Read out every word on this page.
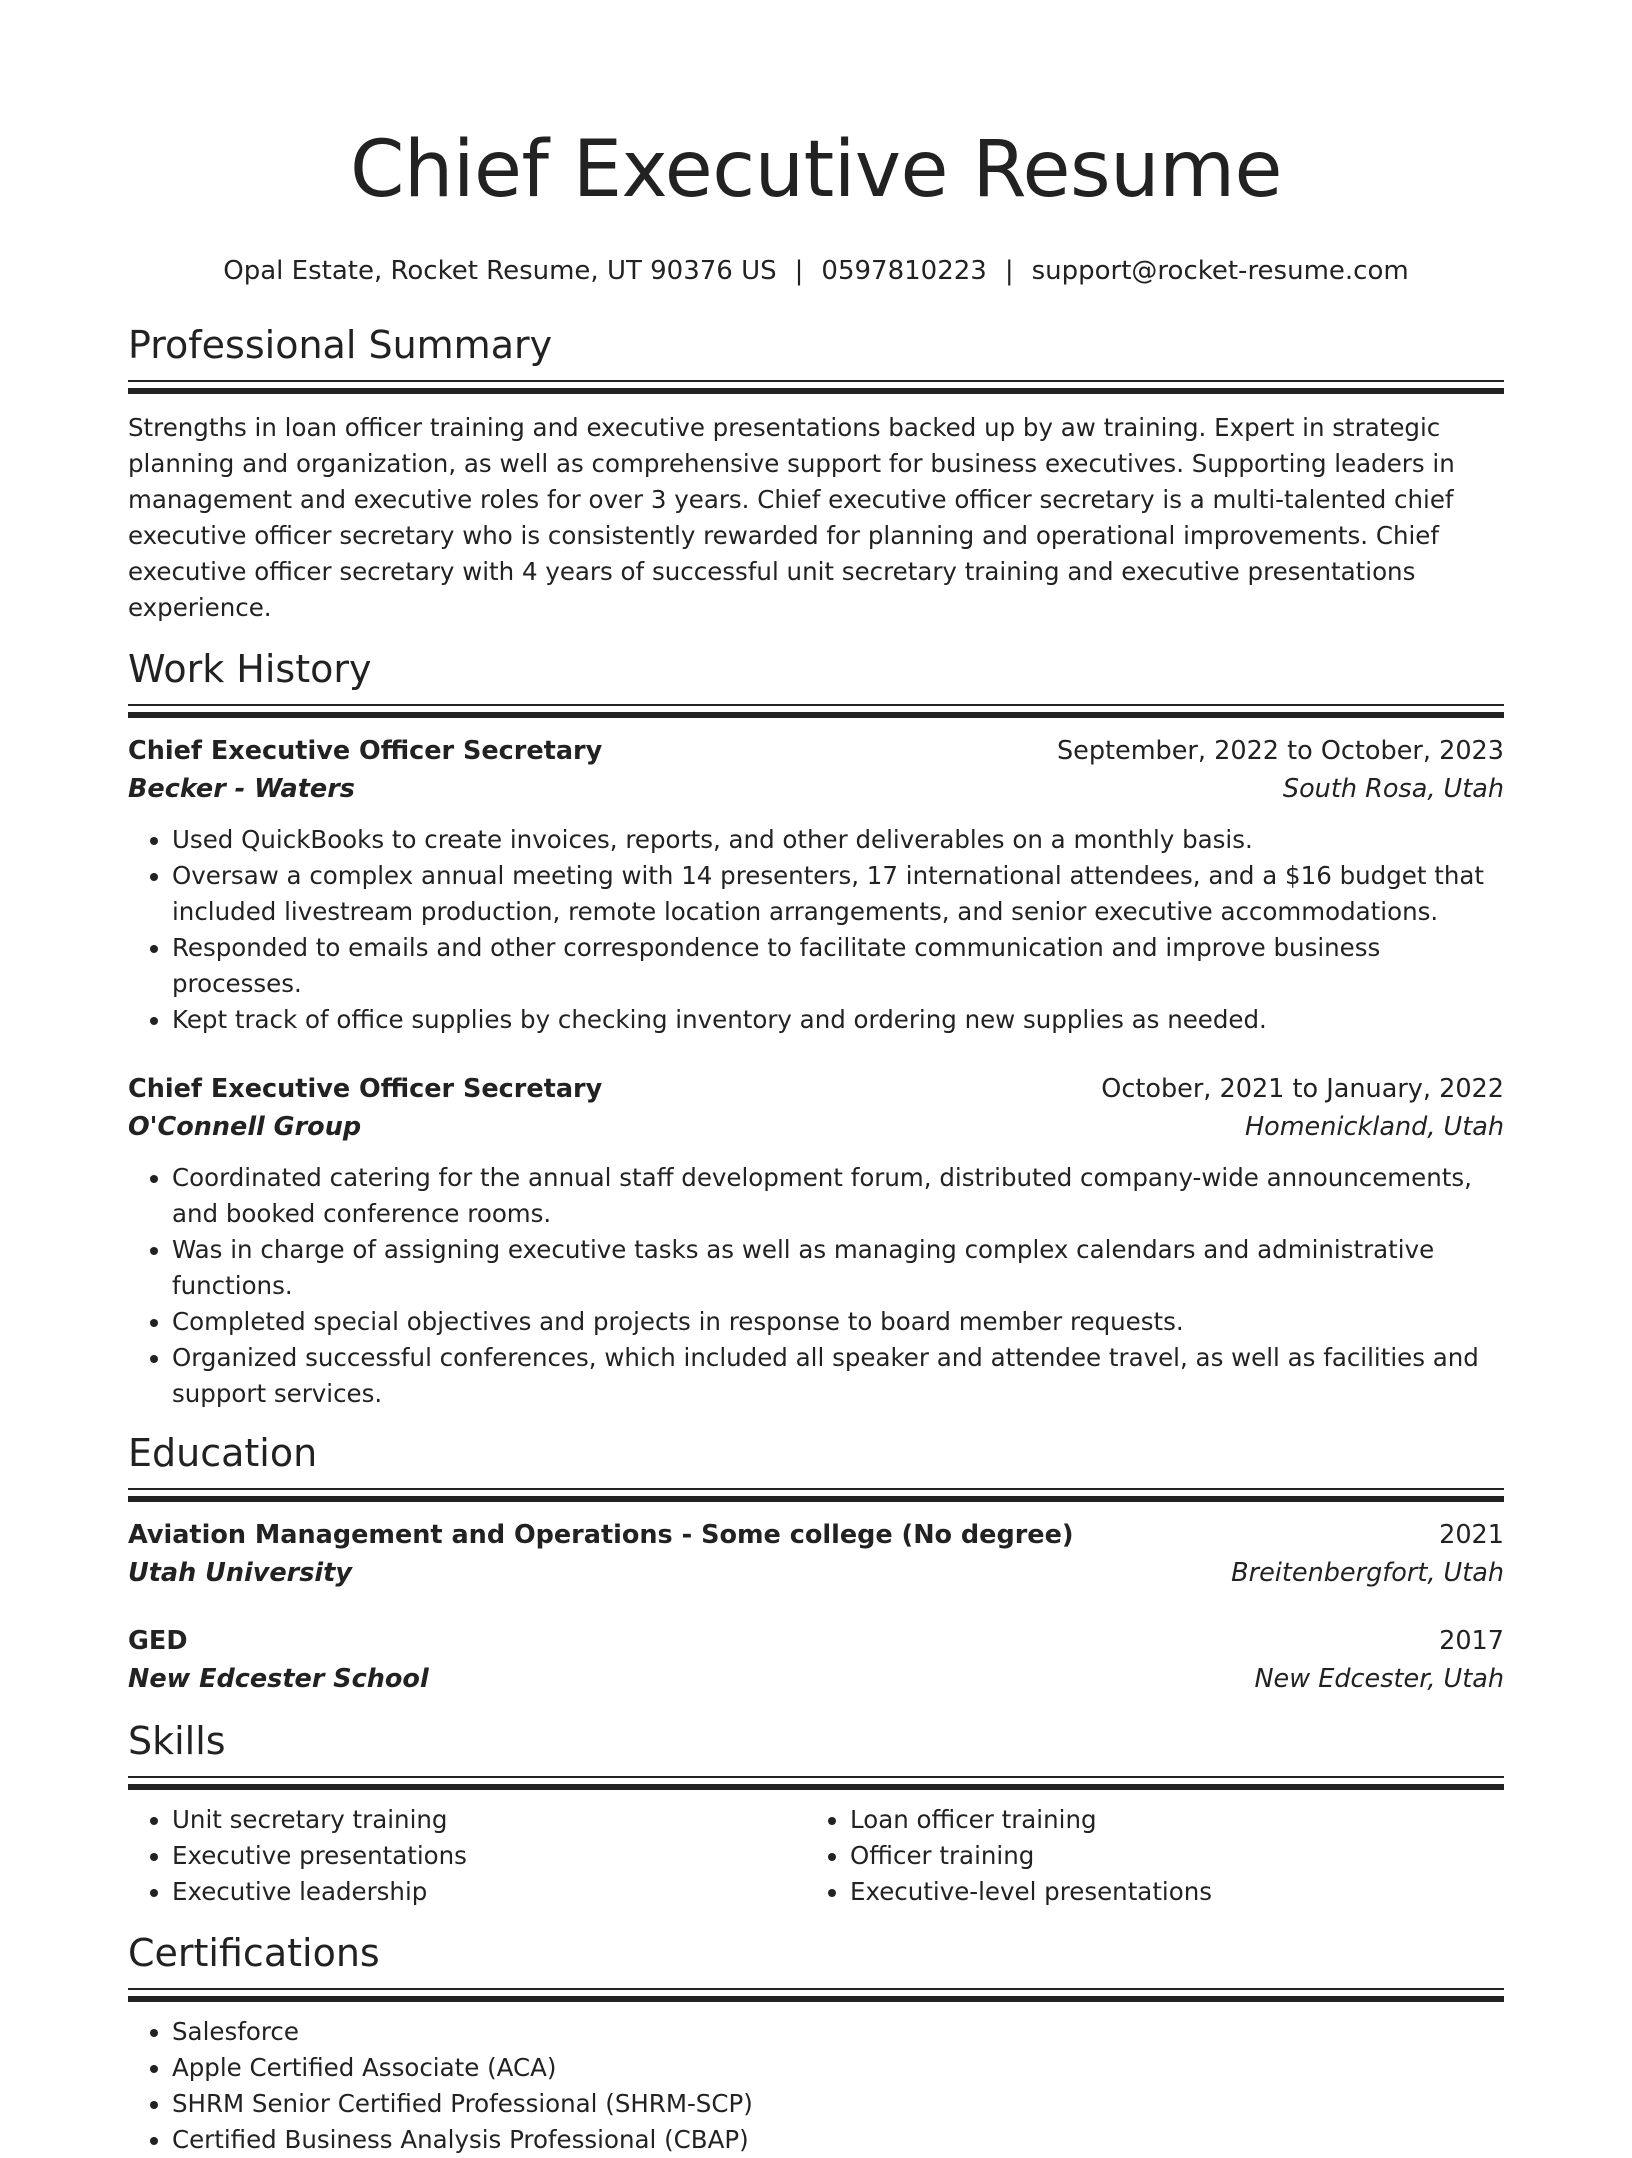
Chief Executive Resume
Opal Estate, Rocket Resume, UT 90376 US | 0597810223 | support@rocket-resume.com
Professional Summary
Strengths in loan officer training and executive presentations backed up by aw training. Expert in strategic planning and organization, as well as comprehensive support for business executives. Supporting leaders in management and executive roles for over 3 years. Chief executive officer secretary is a multi-talented chief executive officer secretary who is consistently rewarded for planning and operational improvements. Chief executive officer secretary with 4 years of successful unit secretary training and executive presentations experience.
Work History
Chief Executive Officer Secretary	September, 2022 to October, 2023
Becker - Waters	South Rosa, Utah
• Used QuickBooks to create invoices, reports, and other deliverables on a monthly basis.
• Oversaw a complex annual meeting with 14 presenters, 17 international attendees, and a $16 budget that included livestream production, remote location arrangements, and senior executive accommodations.
• Responded to emails and other correspondence to facilitate communication and improve business processes.
• Kept track of office supplies by checking inventory and ordering new supplies as needed.
Chief Executive Officer Secretary	October, 2021 to January, 2022
O'Connell Group	Homenickland, Utah
• Coordinated catering for the annual staff development forum, distributed company-wide announcements, and booked conference rooms.
• Was in charge of assigning executive tasks as well as managing complex calendars and administrative functions.
• Completed special objectives and projects in response to board member requests.
• Organized successful conferences, which included all speaker and attendee travel, as well as facilities and support services.
Education
Aviation Management and Operations - Some college (No degree)	2021
Utah University	Breitenbergfort, Utah
GED	2017
New Edcester School	New Edcester, Utah
Skills
• Unit secretary training
• Executive presentations
• Executive leadership
• Loan officer training
• Officer training
• Executive-level presentations
Certifications
• Salesforce
• Apple Certified Associate (ACA)
• SHRM Senior Certified Professional (SHRM-SCP)
• Certified Business Analysis Professional (CBAP)
